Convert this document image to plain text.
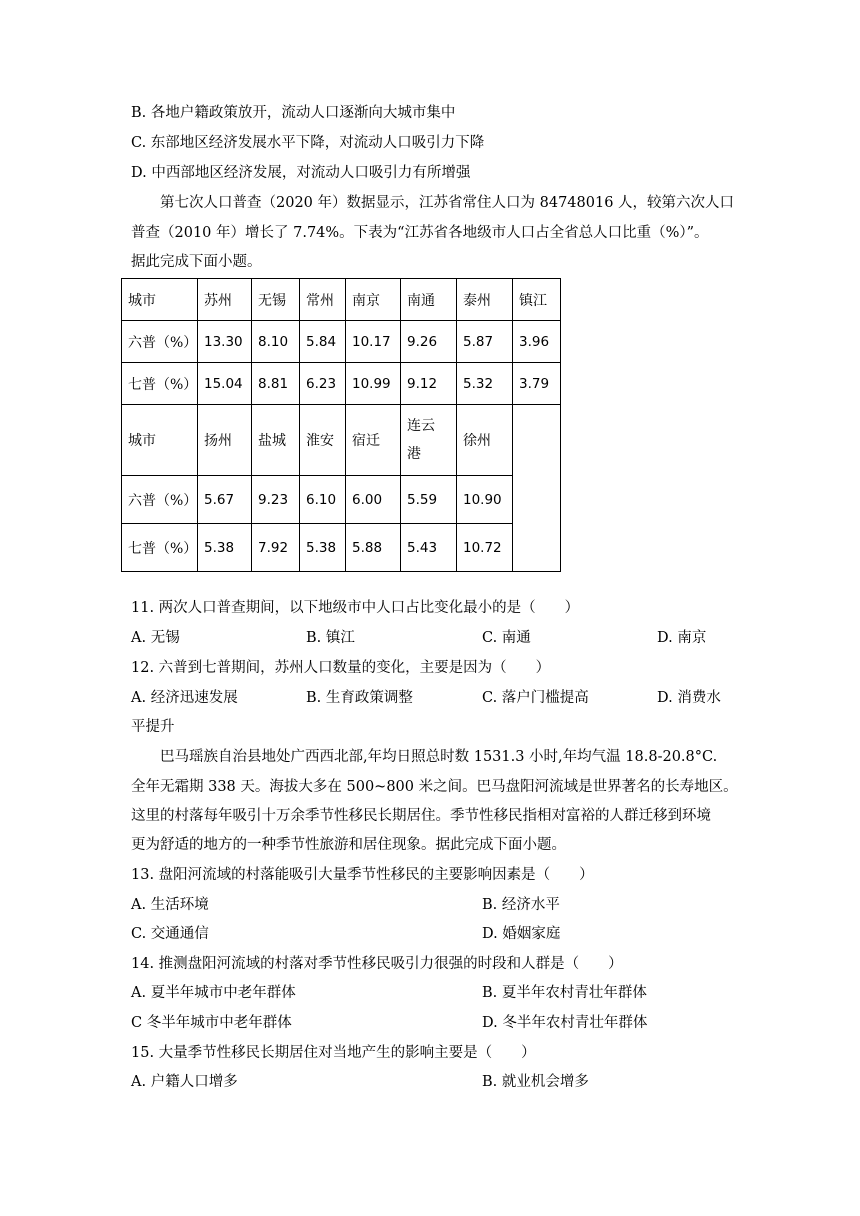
B. 各地户籍政策放开，流动人口逐渐向大城市集中
C. 东部地区经济发展水平下降，对流动人口吸引力下降
D. 中西部地区经济发展，对流动人口吸引力有所增强
第七次人口普查（2020 年）数据显示，江苏省常住人口为 84748016 人，较第六次人口
普查（2010 年）增长了 7.74%。下表为“江苏省各地级市人口占全省总人口比重（%）”。
据此完成下面小题。
城市	苏州	无锡	常州	南京	南通	泰州	镇江
六普（%）	13.30	8.10	5.84	10.17	9.26	5.87	3.96
七普（%）	15.04	8.81	6.23	10.99	9.12	5.32	3.79
城市	扬州	盐城	淮安	宿迁	连云港	徐州	
六普（%）	5.67	9.23	6.10	6.00	5.59	10.90	
七普（%）	5.38	7.92	5.38	5.88	5.43	10.72	
11. 两次人口普查期间，以下地级市中人口占比变化最小的是（　　）
A. 无锡	B. 镇江	C. 南通	D. 南京
12. 六普到七普期间，苏州人口数量的变化，主要是因为（　　）
A. 经济迅速发展	B. 生育政策调整	C. 落户门槛提高	D. 消费水
平提升
巴马瑶族自治县地处广西西北部,年均日照总时数 1531.3 小时,年均气温 18.8-20.8°C.
全年无霜期 338 天。海拔大多在 500~800 米之间。巴马盘阳河流域是世界著名的长寿地区。
这里的村落每年吸引十万余季节性移民长期居住。季节性移民指相对富裕的人群迁移到环境
更为舒适的地方的一种季节性旅游和居住现象。据此完成下面小题。
13. 盘阳河流域的村落能吸引大量季节性移民的主要影响因素是（　　）
A. 生活环境	B. 经济水平
C. 交通通信	D. 婚姻家庭
14. 推测盘阳河流域的村落对季节性移民吸引力很强的时段和人群是（　　）
A. 夏半年城市中老年群体	B. 夏半年农村青壮年群体
C 冬半年城市中老年群体	D. 冬半年农村青壮年群体
15. 大量季节性移民长期居住对当地产生的影响主要是（　　）
A. 户籍人口增多	B. 就业机会增多
